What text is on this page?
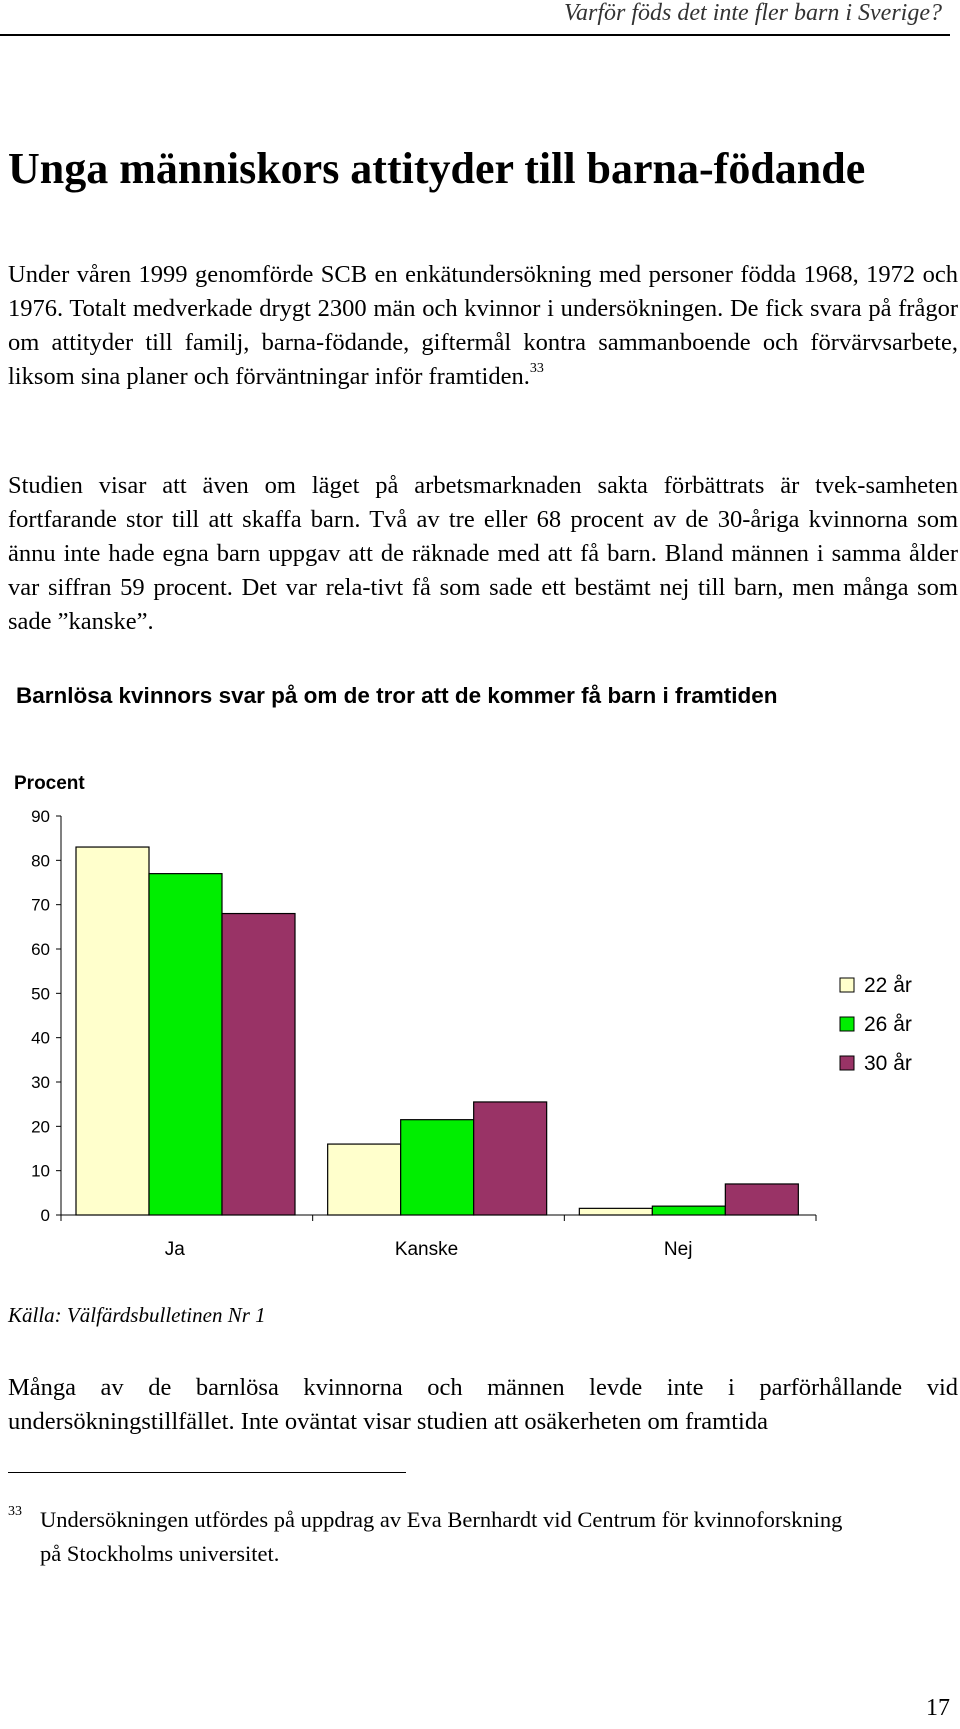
Varför föds det inte fler barn i Sverige?
Unga människors attityder till barna-födande

Under våren 1999 genomförde SCB en enkätundersökning med personer födda 1968, 1972 och 1976. Totalt medverkade drygt 2300 män och kvinnor i undersökningen. De fick svara på frågor om attityder till familj, barna-födande, giftermål kontra sammanboende och förvärvsarbete, liksom sina planer och förväntningar inför framtiden.$^{33}$

Studien visar att även om läget på arbetsmarknaden sakta förbättrats är tvek-samheten fortfarande stor till att skaffa barn. Två av tre eller 68 procent av de 30-åriga kvinnorna som ännu inte hade egna barn uppgav att de räknade med att få barn. Bland männen i samma ålder var siffran 59 procent. Det var rela-tivt få som sade ett bestämt nej till barn, men många som sade ”kanske”.

Barnlösa kvinnors svar på om de tror att de kommer få barn i framtiden
Procent
0
10
20
30
40
50
60
70
80
90
Ja	Kanske	Nej
22 år
26 år
30 år
Källa: Välfärdsbulletinen Nr 1

Många av de barnlösa kvinnorna och männen levde inte i parförhållande vid undersökningstillfället. Inte oväntat visar studien att osäkerheten om framtida

33 Undersökningen utfördes på uppdrag av Eva Bernhardt vid Centrum för kvinnoforskning på Stockholms universitet.
17
